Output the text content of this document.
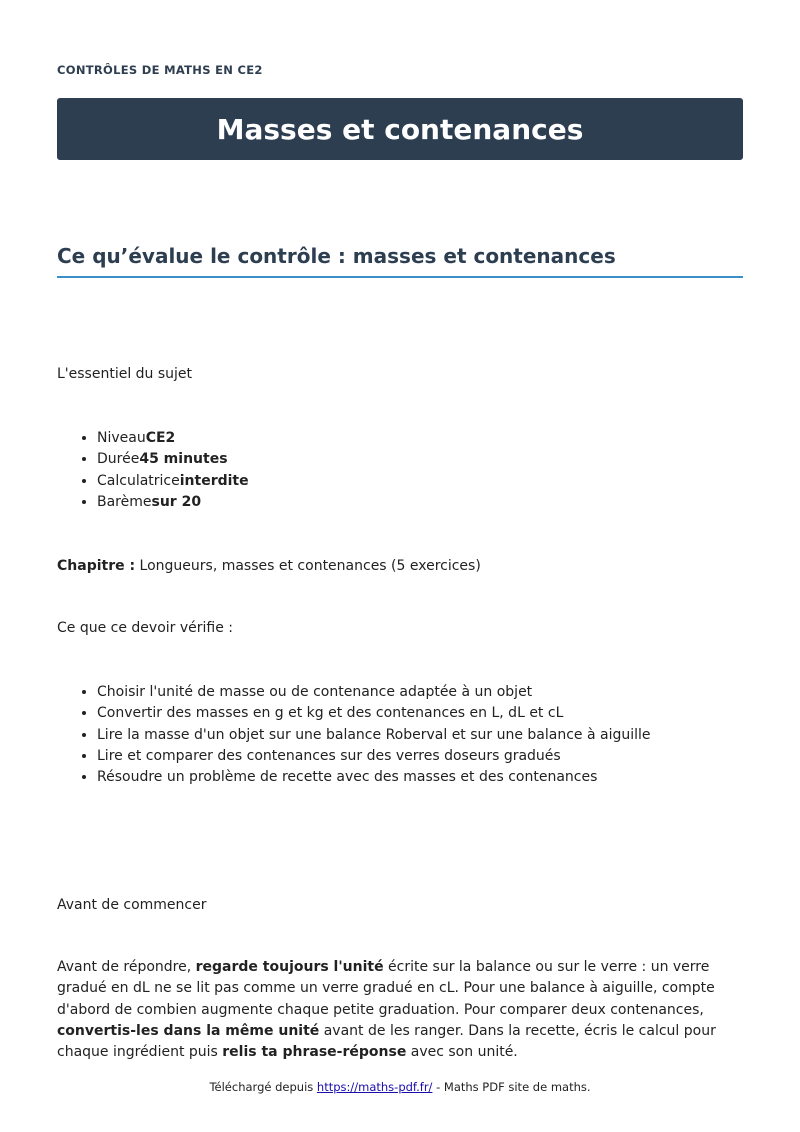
CONTRÔLES DE MATHS EN CE2
Masses et contenances
Ce qu’évalue le contrôle : masses et contenances

L'essentiel du sujet

• NiveauCE2
• Durée45 minutes
• Calculatriceinterdite
• Barèmesur 20

Chapitre : Longueurs, masses et contenances (5 exercices)

Ce que ce devoir vérifie :

• Choisir l'unité de masse ou de contenance adaptée à un objet
• Convertir des masses en g et kg et des contenances en L, dL et cL
• Lire la masse d'un objet sur une balance Roberval et sur une balance à aiguille
• Lire et comparer des contenances sur des verres doseurs gradués
• Résoudre un problème de recette avec des masses et des contenances

Avant de commencer

Avant de répondre, regarde toujours l'unité écrite sur la balance ou sur le verre : un verre gradué en dL ne se lit pas comme un verre gradué en cL. Pour une balance à aiguille, compte d'abord de combien augmente chaque petite graduation. Pour comparer deux contenances, convertis-les dans la même unité avant de les ranger. Dans la recette, écris le calcul pour chaque ingrédient puis relis ta phrase-réponse avec son unité.

Téléchargé depuis https://maths-pdf.fr/ - Maths PDF site de maths.
